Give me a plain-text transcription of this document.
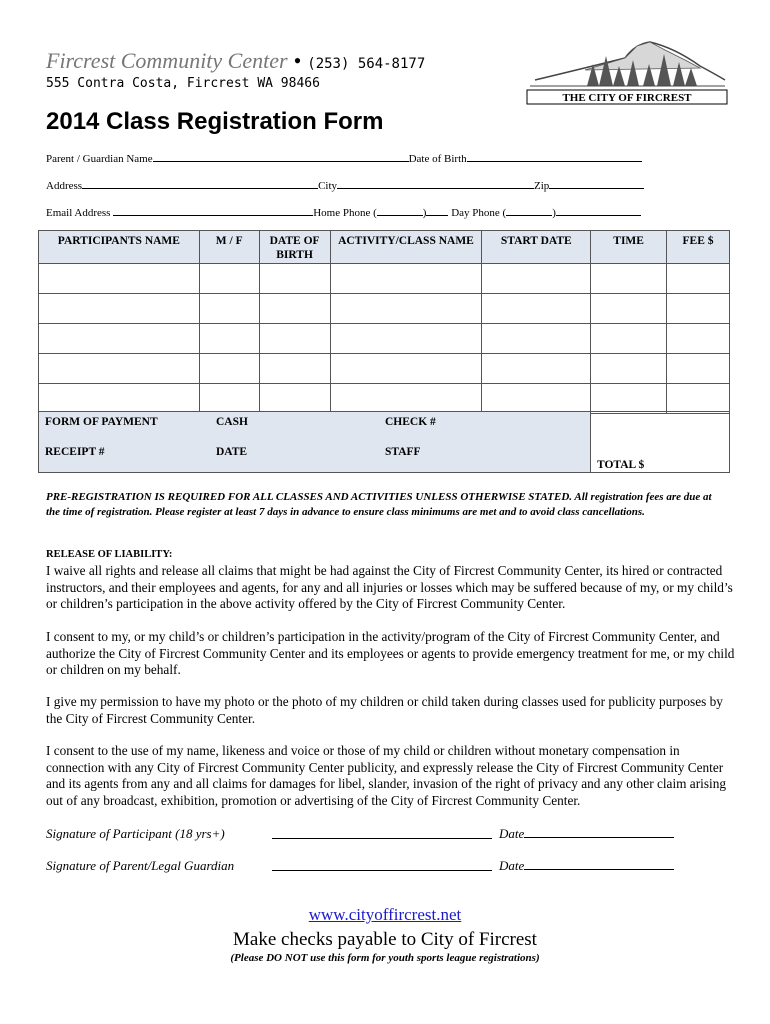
Fircrest Community Center • (253) 564-8177
555 Contra Costa, Fircrest WA 98466
THE CITY OF FIRCREST
2014 Class Registration Form
Parent / Guardian Name	Date of Birth
Address	City	Zip
Email Address	Home Phone (	) Day Phone (	)
PARTICIPANTS NAME	M / F	DATE OF BIRTH	ACTIVITY/CLASS NAME	START DATE	TIME	FEE $

FORM OF PAYMENT	CASH	CHECK #
RECEIPT #	DATE	STAFF
TOTAL $
PRE-REGISTRATION IS REQUIRED FOR ALL CLASSES AND ACTIVITIES UNLESS OTHERWISE STATED. All registration fees are due at the time of registration. Please register at least 7 days in advance to ensure class minimums are met and to avoid class cancellations.
RELEASE OF LIABILITY:
I waive all rights and release all claims that might be had against the City of Fircrest Community Center, its hired or contracted instructors, and their employees and agents, for any and all injuries or losses which may be suffered because of my, or my child’s or children’s participation in the above activity offered by the City of Fircrest Community Center.
I consent to my, or my child’s or children’s participation in the activity/program of the City of Fircrest Community Center, and authorize the City of Fircrest Community Center and its employees or agents to provide emergency treatment for me, or my child or children on my behalf.
I give my permission to have my photo or the photo of my children or child taken during classes used for publicity purposes by the City of Fircrest Community Center.
I consent to the use of my name, likeness and voice or those of my child or children without monetary compensation in connection with any City of Fircrest Community Center publicity, and expressly release the City of Fircrest Community Center and its agents from any and all claims for damages for libel, slander, invasion of the right of privacy and any other claim arising out of any broadcast, exhibition, promotion or advertising of the City of Fircrest Community Center.
Signature of Participant (18 yrs+)	Date
Signature of Parent/Legal Guardian	Date
www.cityoffircrest.net
Make checks payable to City of Fircrest
(Please DO NOT use this form for youth sports league registrations)
